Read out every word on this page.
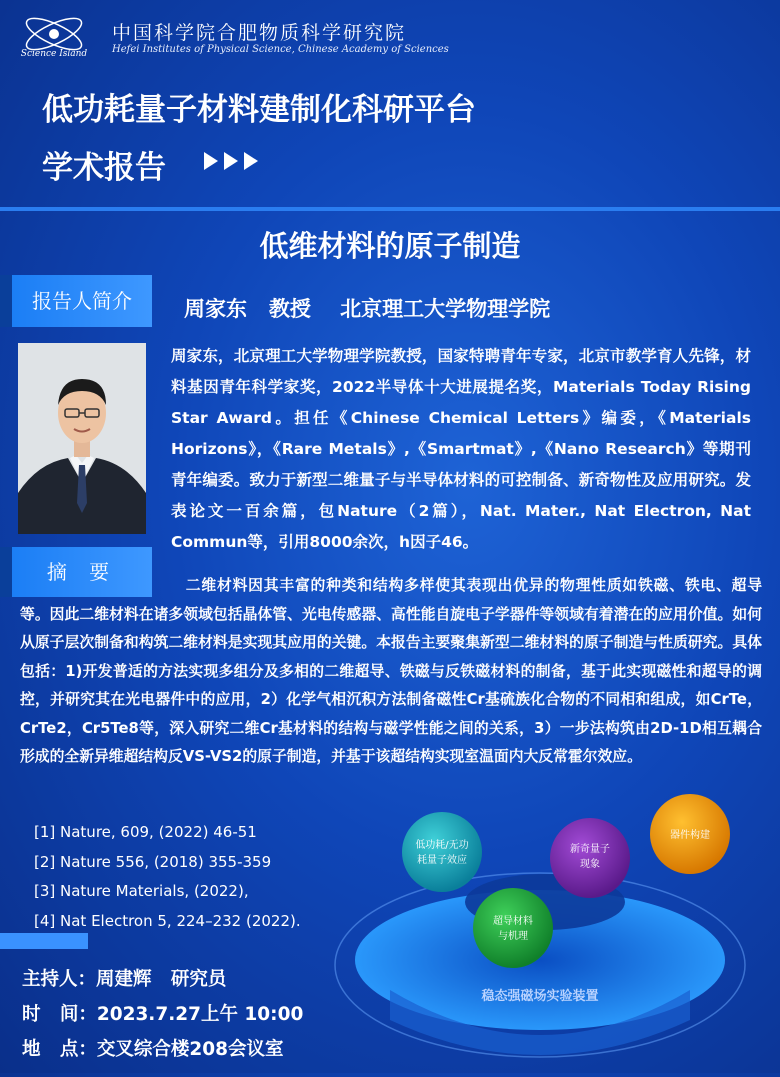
Science Island
中国科学院合肥物质科学研究院
Hefei Institutes of Physical Science, Chinese Academy of Sciences
低功耗量子材料建制化科研平台
学术报告
低维材料的原子制造
报告人简介	周家东   教授    北京理工大学物理学院
周家东，北京理工大学物理学院教授，国家特聘青年专家，北京市教学育人先锋，材料基因青年科学家奖，2022半导体十大进展提名奖，Materials Today Rising Star Award。担任《Chinese Chemical Letters》编委，《Materials Horizons》，《Rare Metals》,《Smartmat》,《Nano Research》等期刊青年编委。致力于新型二维量子与半导体材料的可控制备、新奇物性及应用研究。发表论文一百余篇，包Nature（2篇），Nat. Mater., Nat Electron, Nat Commun等，引用8000余次，h因子46。
摘 要
二维材料因其丰富的种类和结构多样使其表现出优异的物理性质如铁磁、铁电、超导等。因此二维材料在诸多领域包括晶体管、光电传感器、高性能自旋电子学器件等领域有着潜在的应用价值。如何从原子层次制备和构筑二维材料是实现其应用的关键。本报告主要聚集新型二维材料的原子制造与性质研究。具体包括：1)开发普适的方法实现多组分及多相的二维超导、铁磁与反铁磁材料的制备，基于此实现磁性和超导的调控，并研究其在光电器件中的应用，2）化学气相沉积方法制备磁性Cr基硫族化合物的不同相和组成，如CrTe，CrTe2，Cr5Te8等，深入研究二维Cr基材料的结构与磁学性能之间的关系，3）一步法构筑由2D-1D相互耦合形成的全新异维超结构反VS-VS2的原子制造，并基于该超结构实现室温面内大反常霍尔效应。
[1] Nature, 609, (2022) 46-51
[2] Nature 556, (2018) 355-359
[3] Nature Materials, (2022),
[4] Nat Electron 5, 224–232 (2022).
稳态强磁场实验装置
低功耗/无功
耗量子效应
新奇量子
现象
器件构建
超导材料
与机理
主持人：周建辉   研究员
时   间：2023.7.27上午 10:00
地   点：交叉综合楼208会议室
